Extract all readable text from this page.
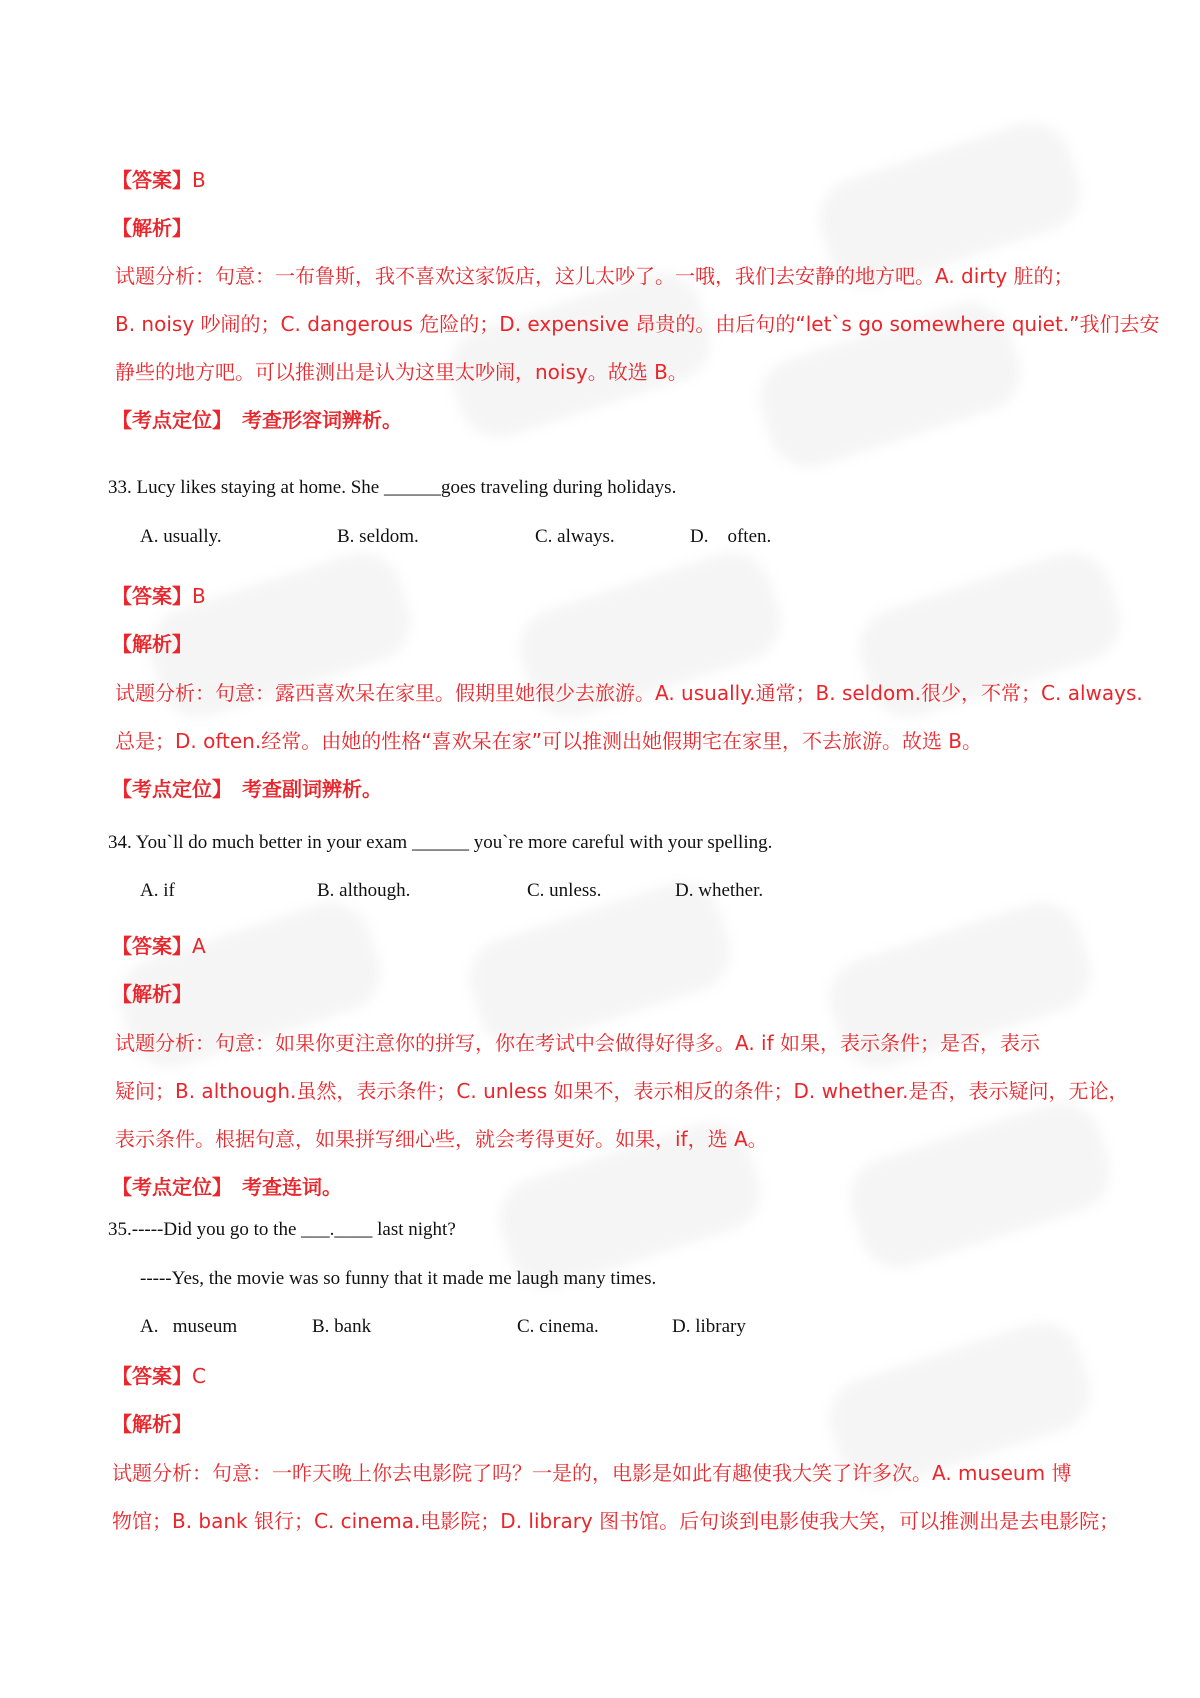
【答案】B
【解析】
试题分析：句意：一布鲁斯，我不喜欢这家饭店，这儿太吵了。一哦，我们去安静的地方吧。A. dirty 脏的；
B. noisy 吵闹的；C. dangerous 危险的；D. expensive 昂贵的。由后句的“let`s go somewhere quiet.”我们去安
静些的地方吧。可以推测出是认为这里太吵闹，noisy。故选 B。
【考点定位】 考查形容词辨析。
33. Lucy likes staying at home. She ______goes traveling during holidays.
A. usually.	B. seldom.	C. always.	D.    often.
【答案】B
【解析】
试题分析：句意：露西喜欢呆在家里。假期里她很少去旅游。A. usually.通常；B. seldom.很少，不常；C. always.
总是；D. often.经常。由她的性格“喜欢呆在家”可以推测出她假期宅在家里，不去旅游。故选 B。
【考点定位】 考查副词辨析。
34. You`ll do much better in your exam ______ you`re more careful with your spelling.
A. if	B. although.	C. unless.	D. whether.
【答案】A
【解析】
试题分析：句意：如果你更注意你的拼写，你在考试中会做得好得多。A. if 如果，表示条件；是否，表示
疑问；B. although.虽然，表示条件；C. unless 如果不，表示相反的条件；D. whether.是否，表示疑问，无论，
表示条件。根据句意，如果拼写细心些，就会考得更好。如果，if，选 A。
【考点定位】 考查连词。
35.-----Did you go to the ___.____ last night?
-----Yes, the movie was so funny that it made me laugh many times.
A.   museum	B. bank	C. cinema.	D. library
【答案】C
【解析】
试题分析：句意：一昨天晚上你去电影院了吗？一是的，电影是如此有趣使我大笑了许多次。A. museum 博
物馆；B. bank 银行；C. cinema.电影院；D. library 图书馆。后句谈到电影使我大笑，可以推测出是去电影院；
